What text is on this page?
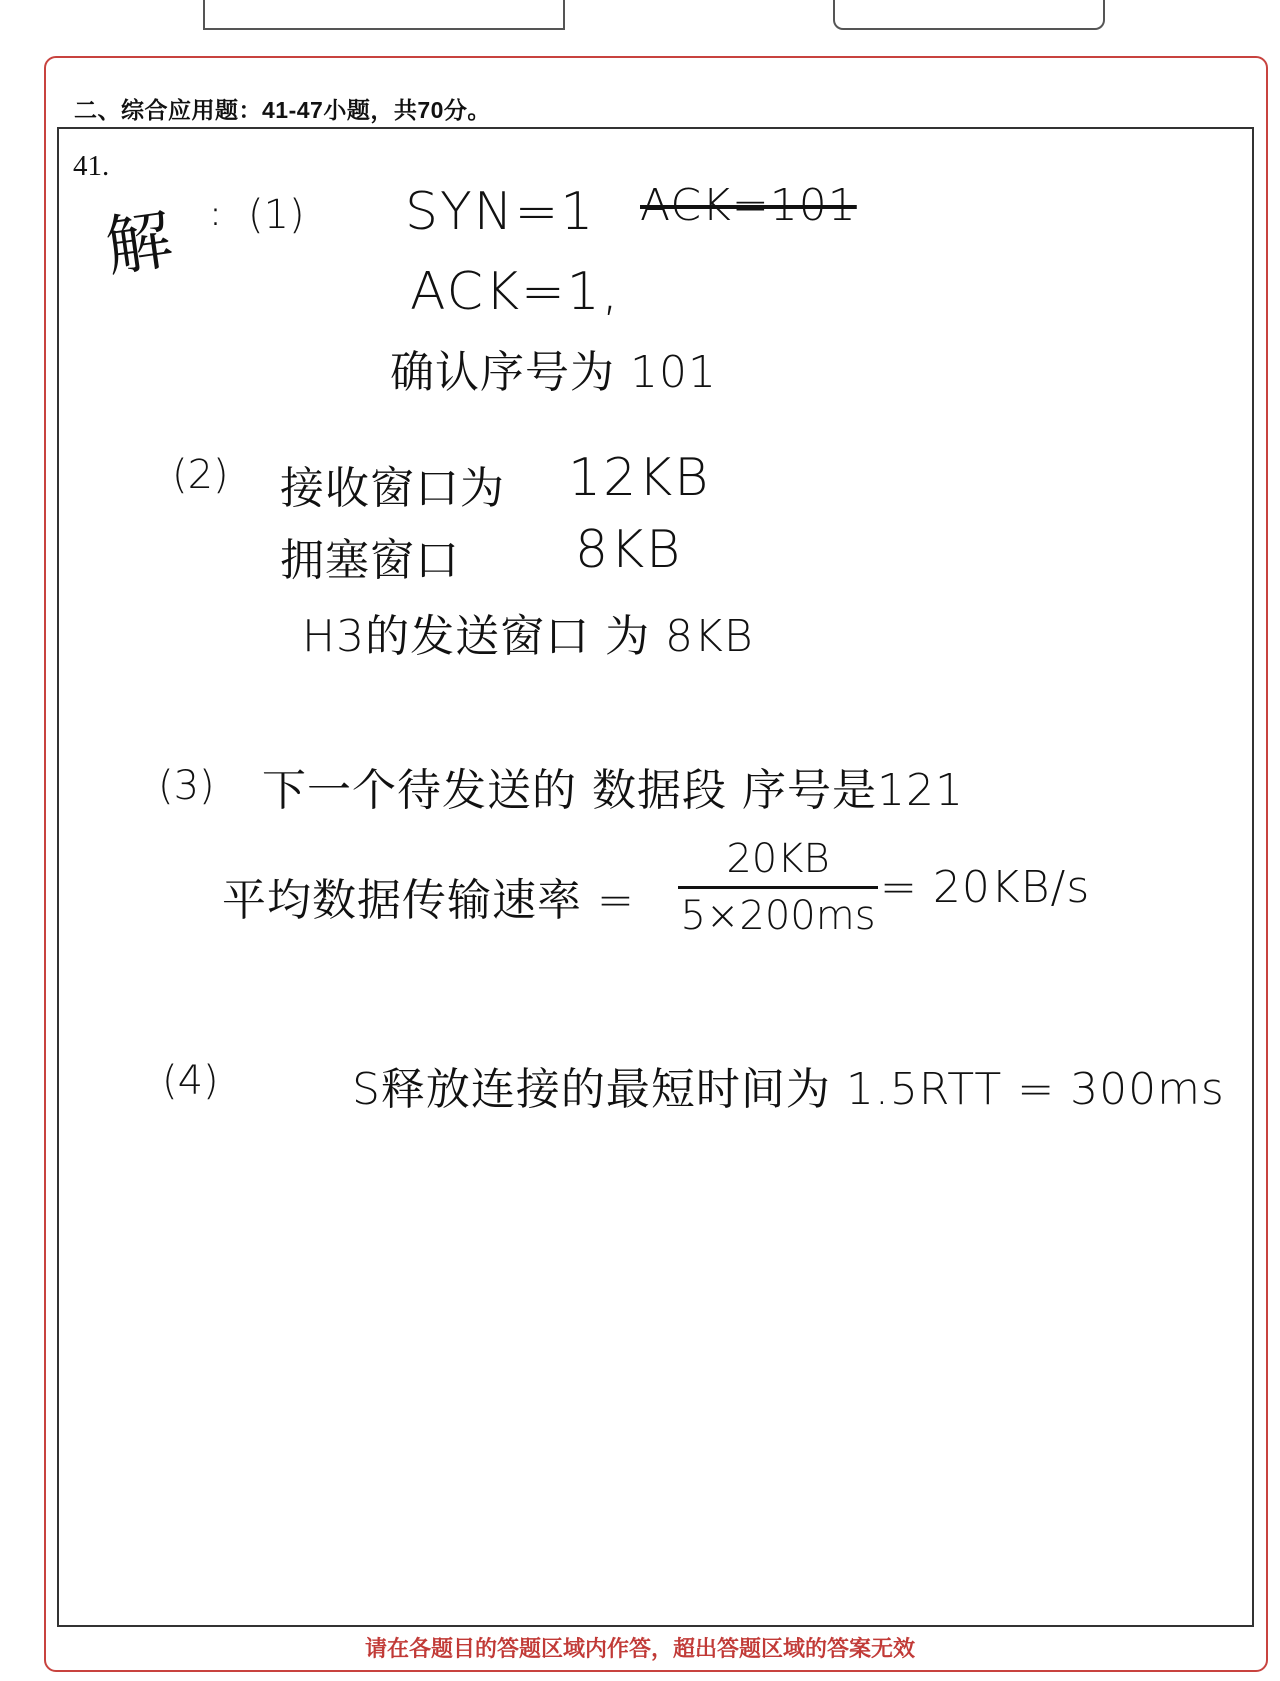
二、综合应用题：41-47小题，共70分。
41.
解 ⁚ (1) SYN=1 ACK=101
ACK=1,
确认序号为 101
(2) 接收窗口为 12KB
拥塞窗口 8KB
H3的发送窗口 为 8KB
(3) 下一个待发送的 数据段 序号是121
平均数据传输速率 = $\frac{20KB}{5\times 200ms} = 20KB/s$
(4)	S释放连接的最短时间为 1.5RTT = 300ms
请在各题目的答题区域内作答，超出答题区域的答案无效
